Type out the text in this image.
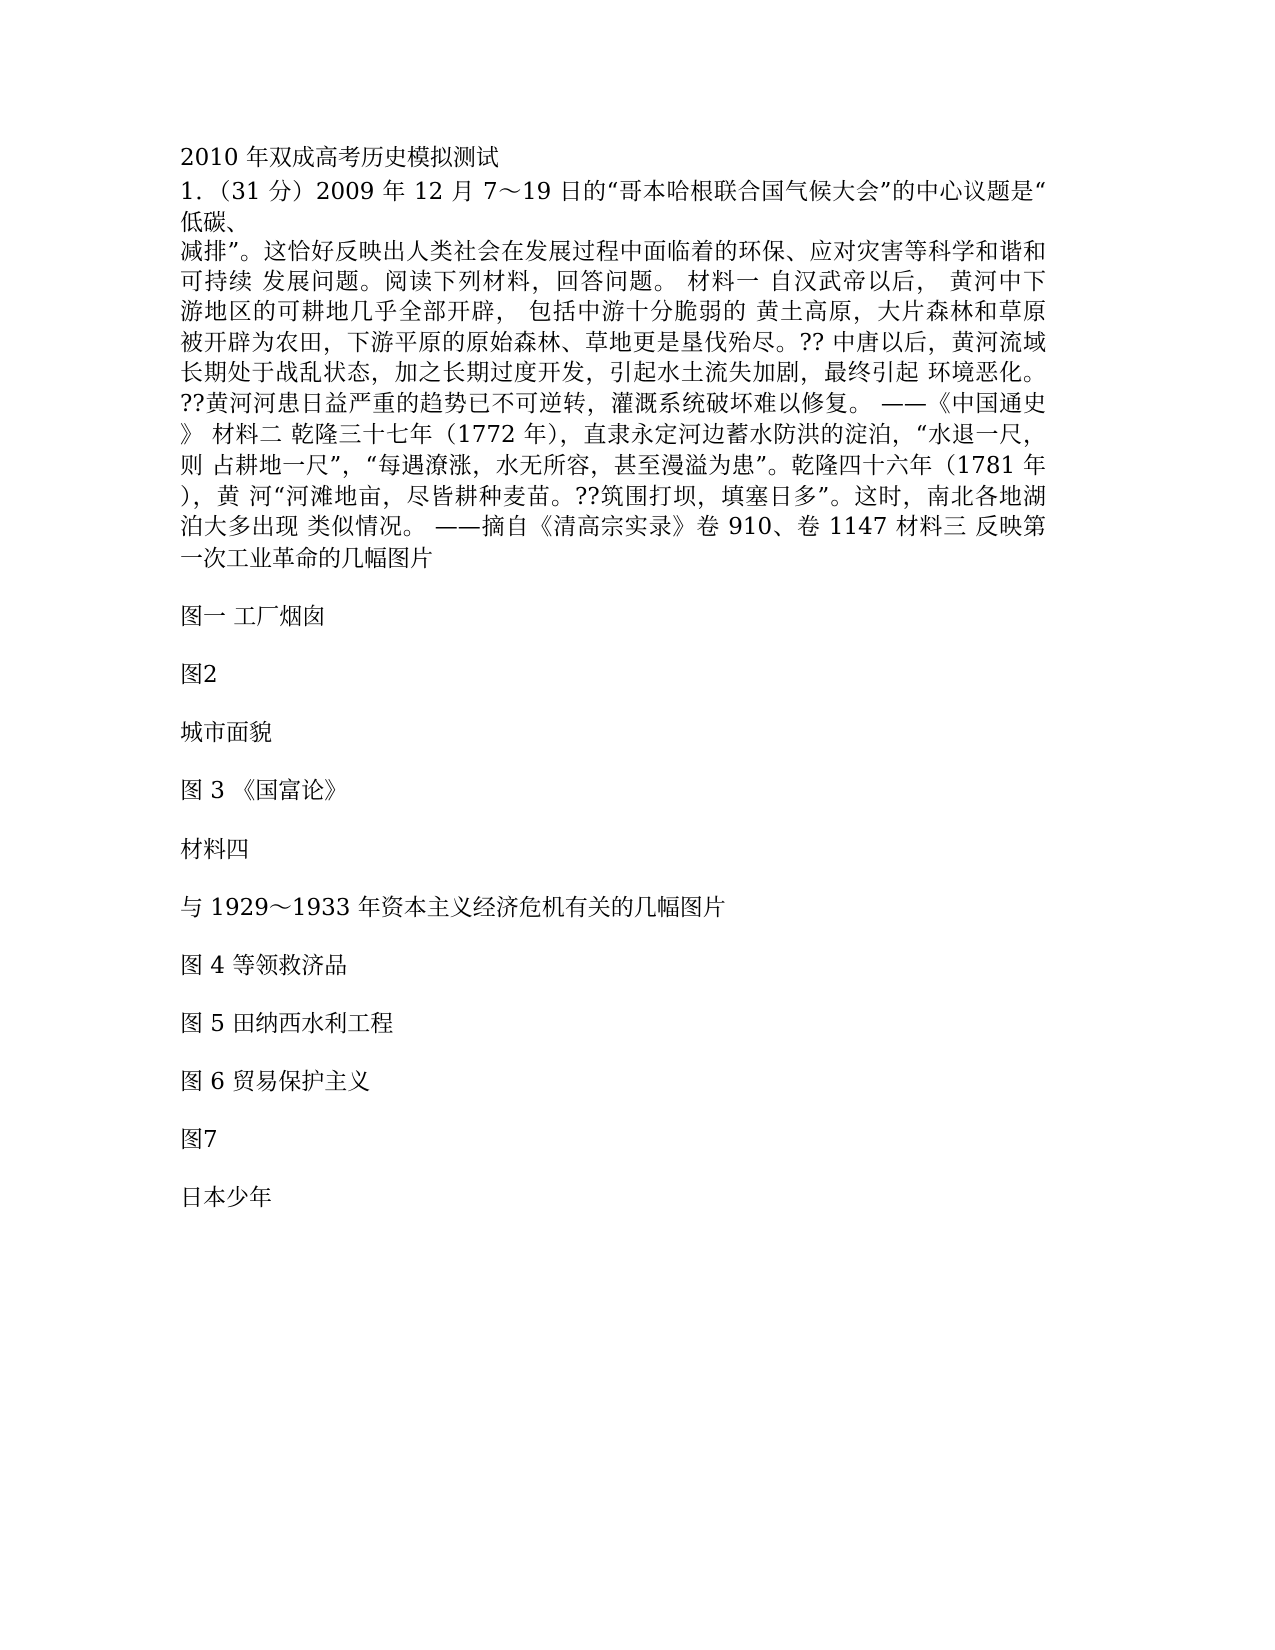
2010 年双成高考历史模拟测试
1．（31 分）2009 年 12 月 7～19 日的“哥本哈根联合国气候大会”的中心议题是“
低碳、
减排”。这恰好反映出人类社会在发展过程中面临着的环保、应对灾害等科学和谐和
可持续 发展问题。阅读下列材料，回答问题。 材料一 自汉武帝以后， 黄河中下
游地区的可耕地几乎全部开辟， 包括中游十分脆弱的 黄土高原，大片森林和草原
被开辟为农田，下游平原的原始森林、草地更是垦伐殆尽。?? 中唐以后，黄河流域
长期处于战乱状态，加之长期过度开发，引起水土流失加剧，最终引起 环境恶化。
??黄河河患日益严重的趋势已不可逆转，灌溉系统破坏难以修复。 ——《中国通史
》 材料二 乾隆三十七年（1772 年），直隶永定河边蓄水防洪的淀泊，“水退一尺，
则 占耕地一尺”，“每遇潦涨，水无所容，甚至漫溢为患”。乾隆四十六年（1781 年
），黄 河“河滩地亩，尽皆耕种麦苗。??筑围打坝，填塞日多”。这时，南北各地湖
泊大多出现 类似情况。 ——摘自《清高宗实录》卷 910、卷 1147 材料三 反映第
一次工业革命的几幅图片
图一 工厂烟囱
图2
城市面貌
图 3 《国富论》
材料四
与 1929～1933 年资本主义经济危机有关的几幅图片
图 4 等领救济品
图 5 田纳西水利工程
图 6 贸易保护主义
图7
日本少年
